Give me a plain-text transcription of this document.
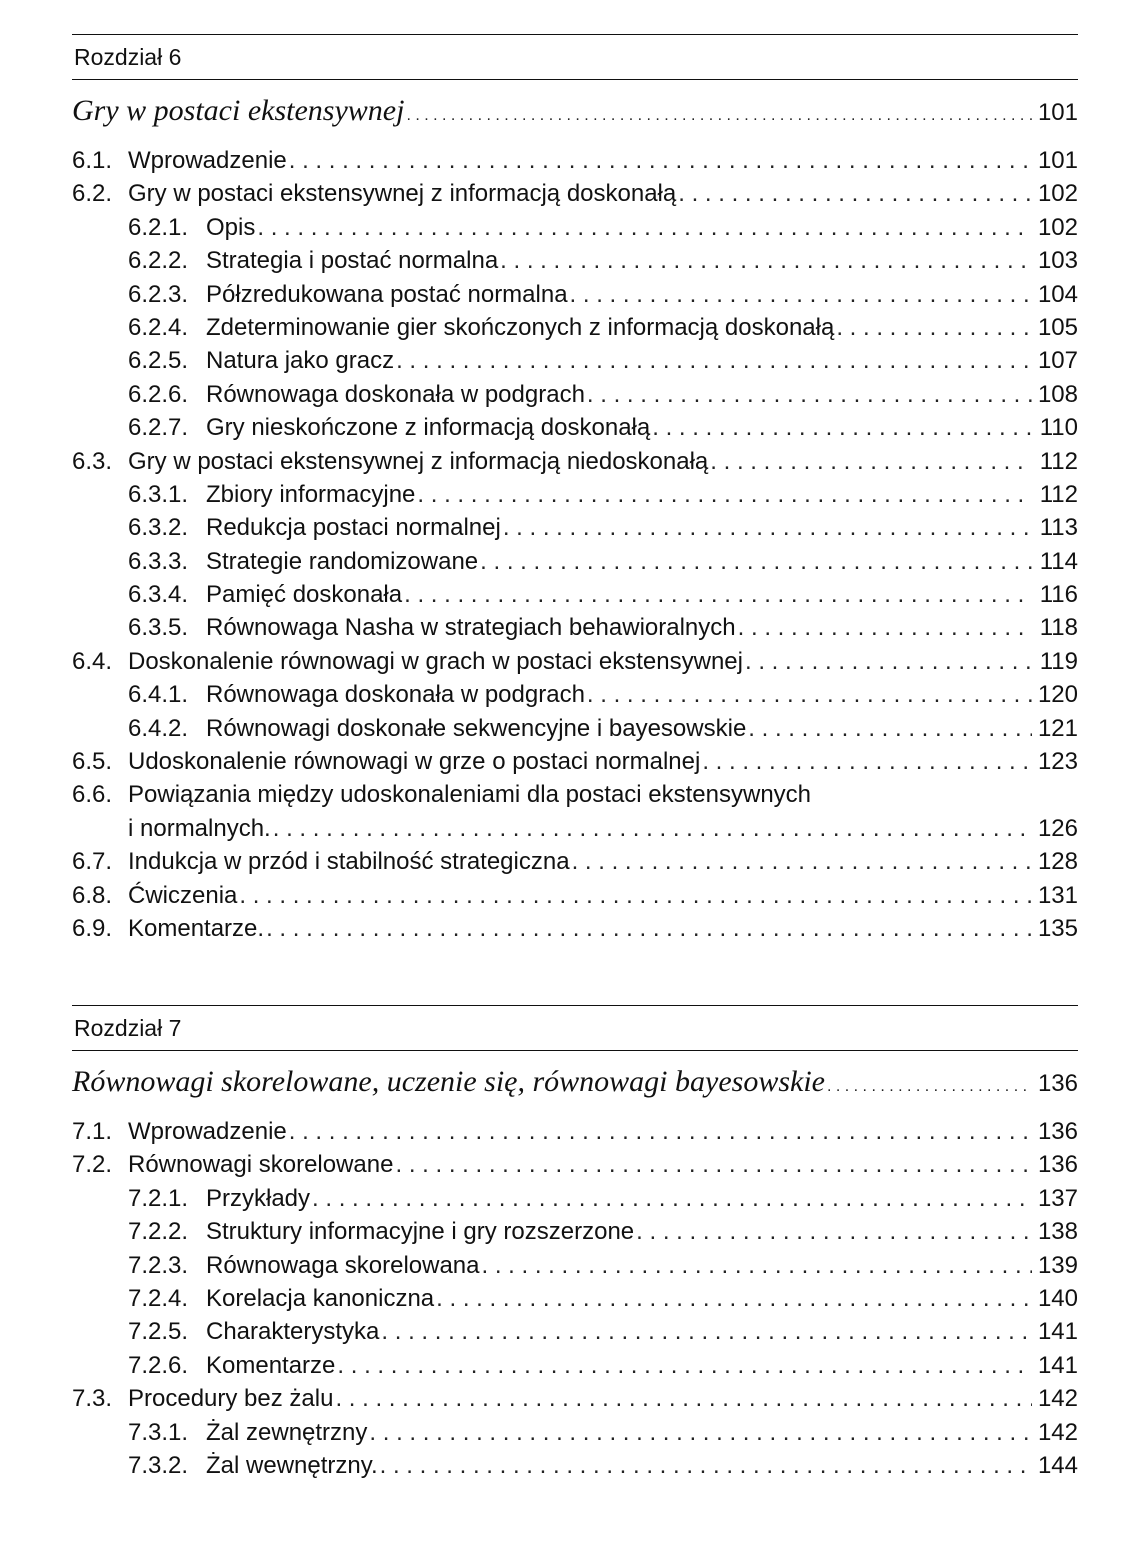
Rozdział 6
Gry w postaci ekstensywnej . . .	101
6.1. Wprowadzenie . . .	101
6.2. Gry w postaci ekstensywnej z informacją doskonałą . . .	102
6.2.1. Opis . . .	102
6.2.2. Strategia i postać normalna . . .	103
6.2.3. Półzredukowana postać normalna . . .	104
6.2.4. Zdeterminowanie gier skończonych z informacją doskonałą . . .	105
6.2.5. Natura jako gracz . . .	107
6.2.6. Równowaga doskonała w podgrach . . .	108
6.2.7. Gry nieskończone z informacją doskonałą . . .	110
6.3. Gry w postaci ekstensywnej z informacją niedoskonałą . . .	112
6.3.1. Zbiory informacyjne . . .	112
6.3.2. Redukcja postaci normalnej . . .	113
6.3.3. Strategie randomizowane . . .	114
6.3.4. Pamięć doskonała . . .	116
6.3.5. Równowaga Nasha w strategiach behawioralnych . . .	118
6.4. Doskonalenie równowagi w grach w postaci ekstensywnej . . .	119
6.4.1. Równowaga doskonała w podgrach . . .	120
6.4.2. Równowagi doskonałe sekwencyjne i bayesowskie . . .	121
6.5. Udoskonalenie równowagi w grze o postaci normalnej . . .	123
6.6. Powiązania między udoskonaleniami dla postaci ekstensywnych
i normalnych. . . .	126
6.7. Indukcja w przód i stabilność strategiczna . . .	128
6.8. Ćwiczenia . . .	131
6.9. Komentarze. . . .	135
Rozdział 7
Równowagi skorelowane, uczenie się, równowagi bayesowskie . . .	136
7.1. Wprowadzenie . . .	136
7.2. Równowagi skorelowane . . .	136
7.2.1. Przykłady . . .	137
7.2.2. Struktury informacyjne i gry rozszerzone . . .	138
7.2.3. Równowaga skorelowana . . .	139
7.2.4. Korelacja kanoniczna . . .	140
7.2.5. Charakterystyka . . .	141
7.2.6. Komentarze . . .	141
7.3. Procedury bez żalu . . .	142
7.3.1. Żal zewnętrzny . . .	142
7.3.2. Żal wewnętrzny. . . .	144
